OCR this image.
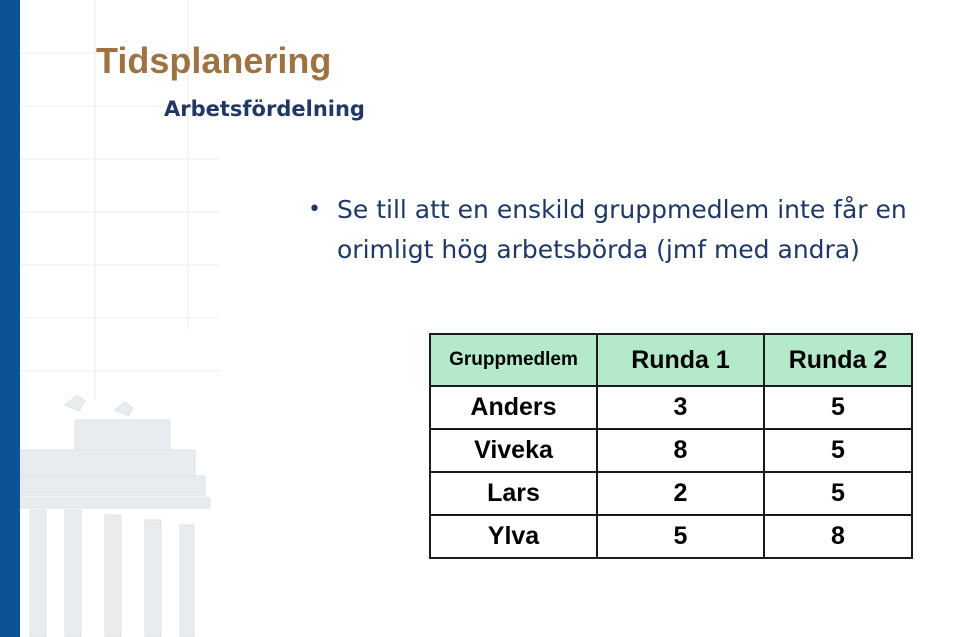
Tidsplanering
Arbetsfördelning
• Se till att en enskild gruppmedlem inte får en orimligt hög arbetsbörda (jmf med andra)
Gruppmedlem	Runda 1	Runda 2
Anders	3	5
Viveka	8	5
Lars	2	5
Ylva	5	8
